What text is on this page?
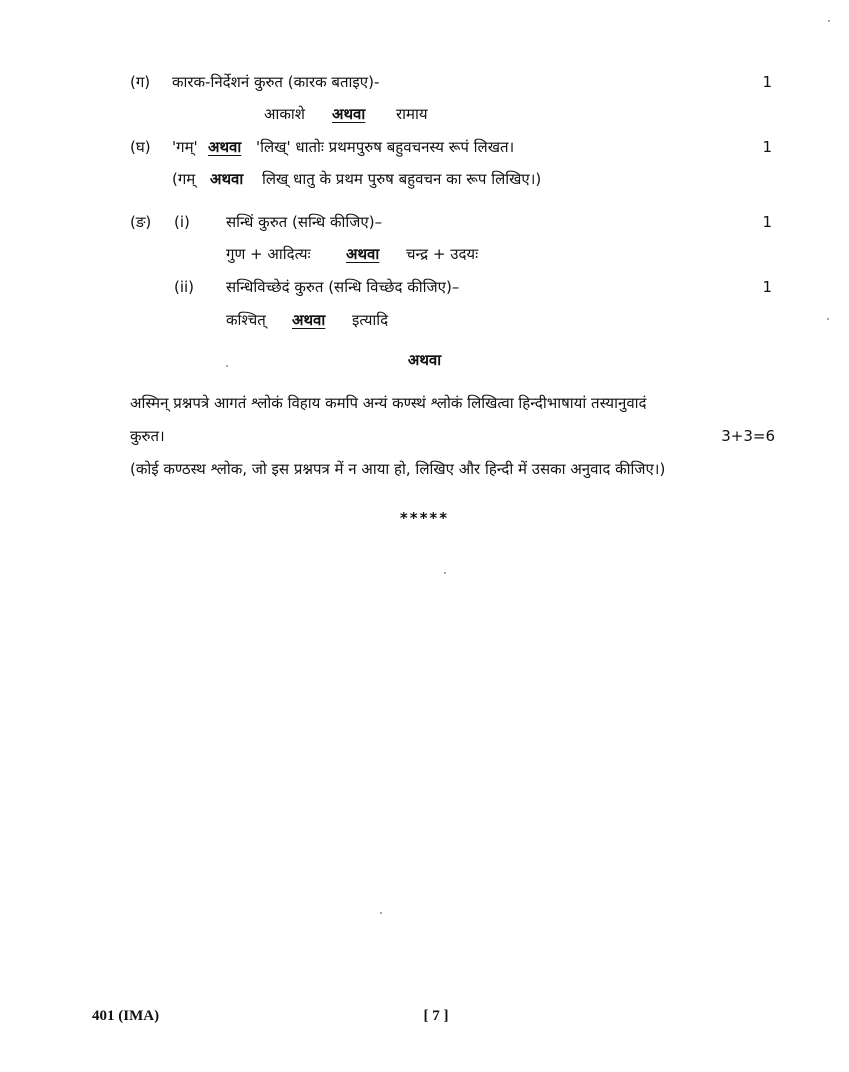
(ग) कारक-निर्देशनं कुरुत (कारक बताइए)-	1
आकाशे अथवा रामाय
(घ) 'गम्' अथवा 'लिख्' धातोः प्रथमपुरुष बहुवचनस्य रूपं लिखत।	1
(गम् अथवा लिख् धातु के प्रथम पुरुष बहुवचन का रूप लिखिए।)
(ङ) (i) सन्धिं कुरुत (सन्धि कीजिए)–	1
गुण + आदित्यः अथवा चन्द्र + उदयः
(ii) सन्धिविच्छेदं कुरुत (सन्धि विच्छेद कीजिए)–	1
कश्चित् अथवा इत्यादि
अथवा
अस्मिन् प्रश्नपत्रे आगतं श्लोकं विहाय कमपि अन्यं कण्स्थं श्लोकं लिखित्वा हिन्दीभाषायां तस्यानुवादं
कुरुत।	3+3=6
(कोई कण्ठस्थ श्लोक, जो इस प्रश्नपत्र में न आया हो, लिखिए और हिन्दी में उसका अनुवाद कीजिए।)
*****
401 (IMA)	[ 7 ]
